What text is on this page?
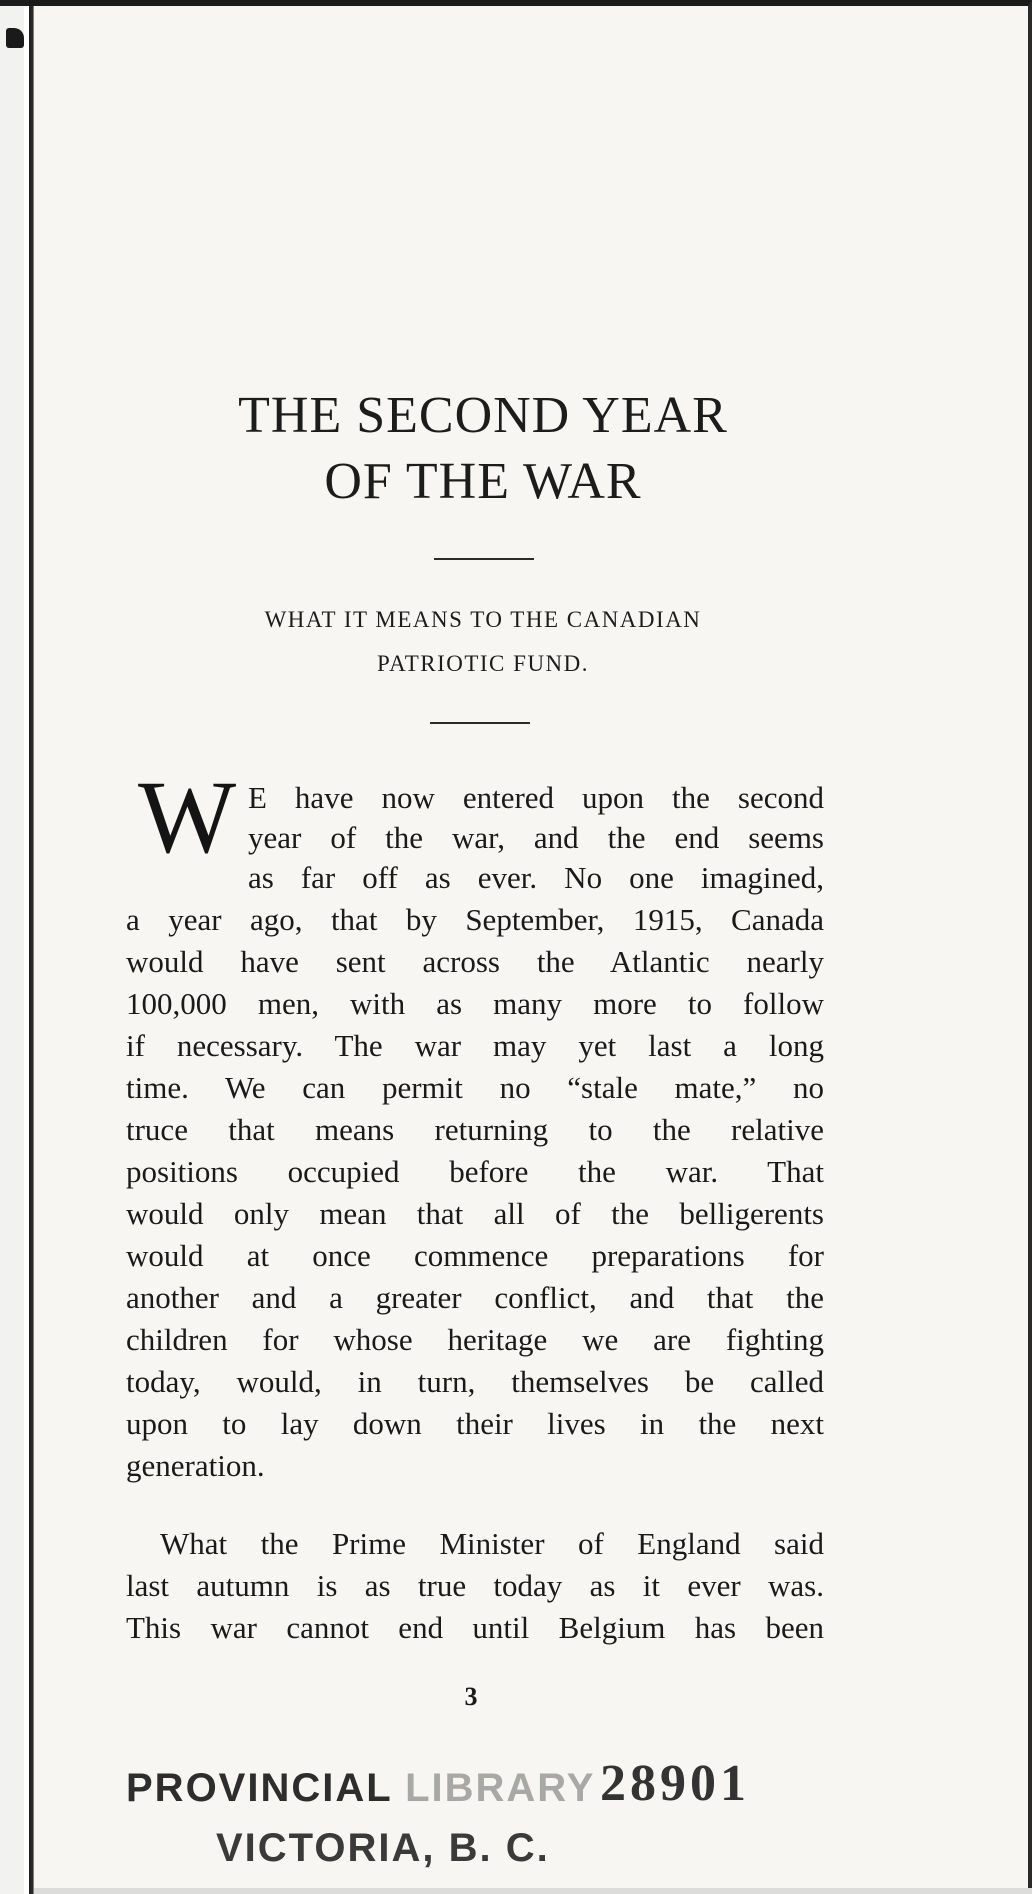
THE SECOND YEAR
OF THE WAR
WHAT IT MEANS TO THE CANADIAN
PATRIOTIC FUND.
W E have now entered upon the second
year of the war, and the end seems
as far off as ever. No one imagined,
a year ago, that by September, 1915, Canada
would have sent across the Atlantic nearly
100,000 men, with as many more to follow
if necessary. The war may yet last a long
time. We can permit no “stale mate,” no
truce that means returning to the relative
positions occupied before the war. That
would only mean that all of the belligerents
would at once commence preparations for
another and a greater conflict, and that the
children for whose heritage we are fighting
today, would, in turn, themselves be called
upon to lay down their lives in the next
generation.
What the Prime Minister of England said
last autumn is as true today as it ever was.
This war cannot end until Belgium has been
3
PROVINCIAL LIBRARY 28901
VICTORIA, B. C.
